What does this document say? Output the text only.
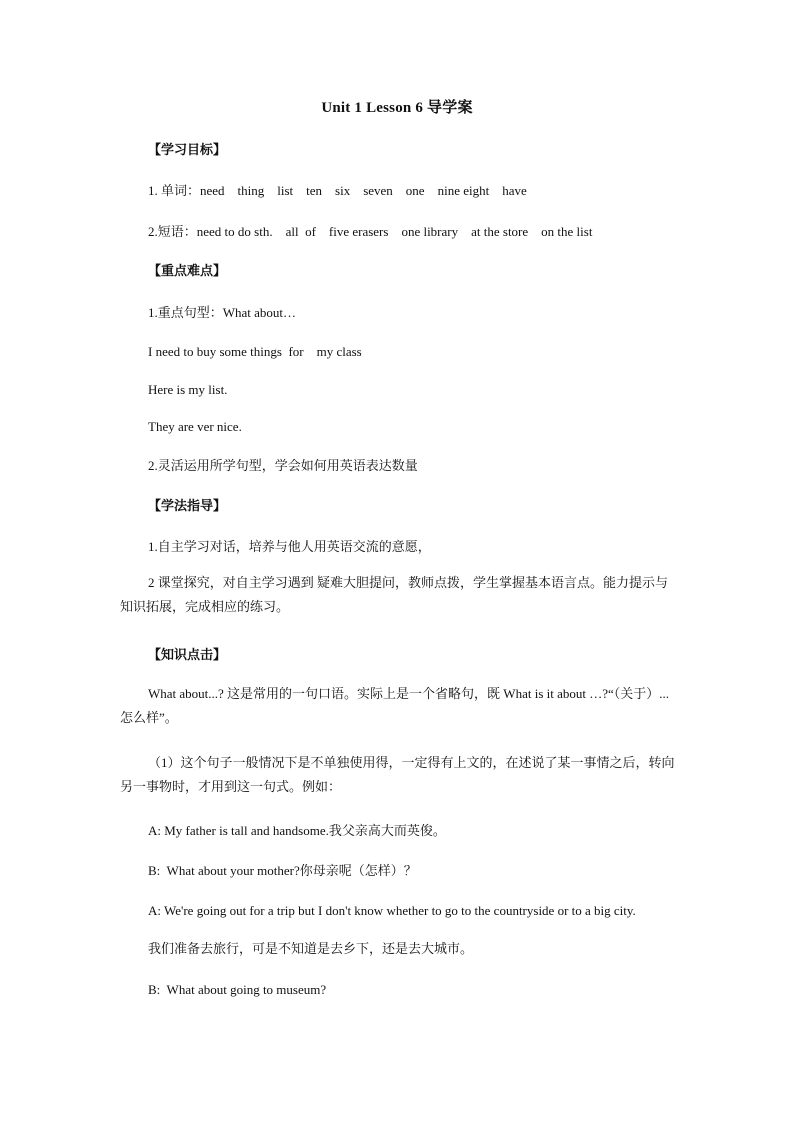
Unit 1 Lesson 6 导学案
【学习目标】
1. 单词：need    thing    list    ten    six    seven    one    nine eight    have
2.短语：need to do sth.    all  of    five erasers    one library    at the store    on the list
【重点难点】
1.重点句型：What about…
I need to buy some things  for    my class
Here is my list.
They are ver nice.
2.灵活运用所学句型，学会如何用英语表达数量
【学法指导】
1.自主学习对话，培养与他人用英语交流的意愿，
2 课堂探究，对自主学习遇到 疑难大胆提问，教师点拨，学生掌握基本语言点。能力提示与知识拓展，完成相应的练习。
【知识点击】
What about...? 这是常用的一句口语。实际上是一个省略句，既 What is it about …?“（关于）...怎么样”。
（1）这个句子一般情况下是不单独使用得，一定得有上文的，在述说了某一事情之后，转向另一事物时，才用到这一句式。例如：
A: My father is tall and handsome.我父亲高大而英俊。
B:  What about your mother?你母亲呢（怎样）？
A: We're going out for a trip but I don't know whether to go to the countryside or to a big city.
我们准备去旅行，可是不知道是去乡下，还是去大城市。
B:  What about going to museum?
